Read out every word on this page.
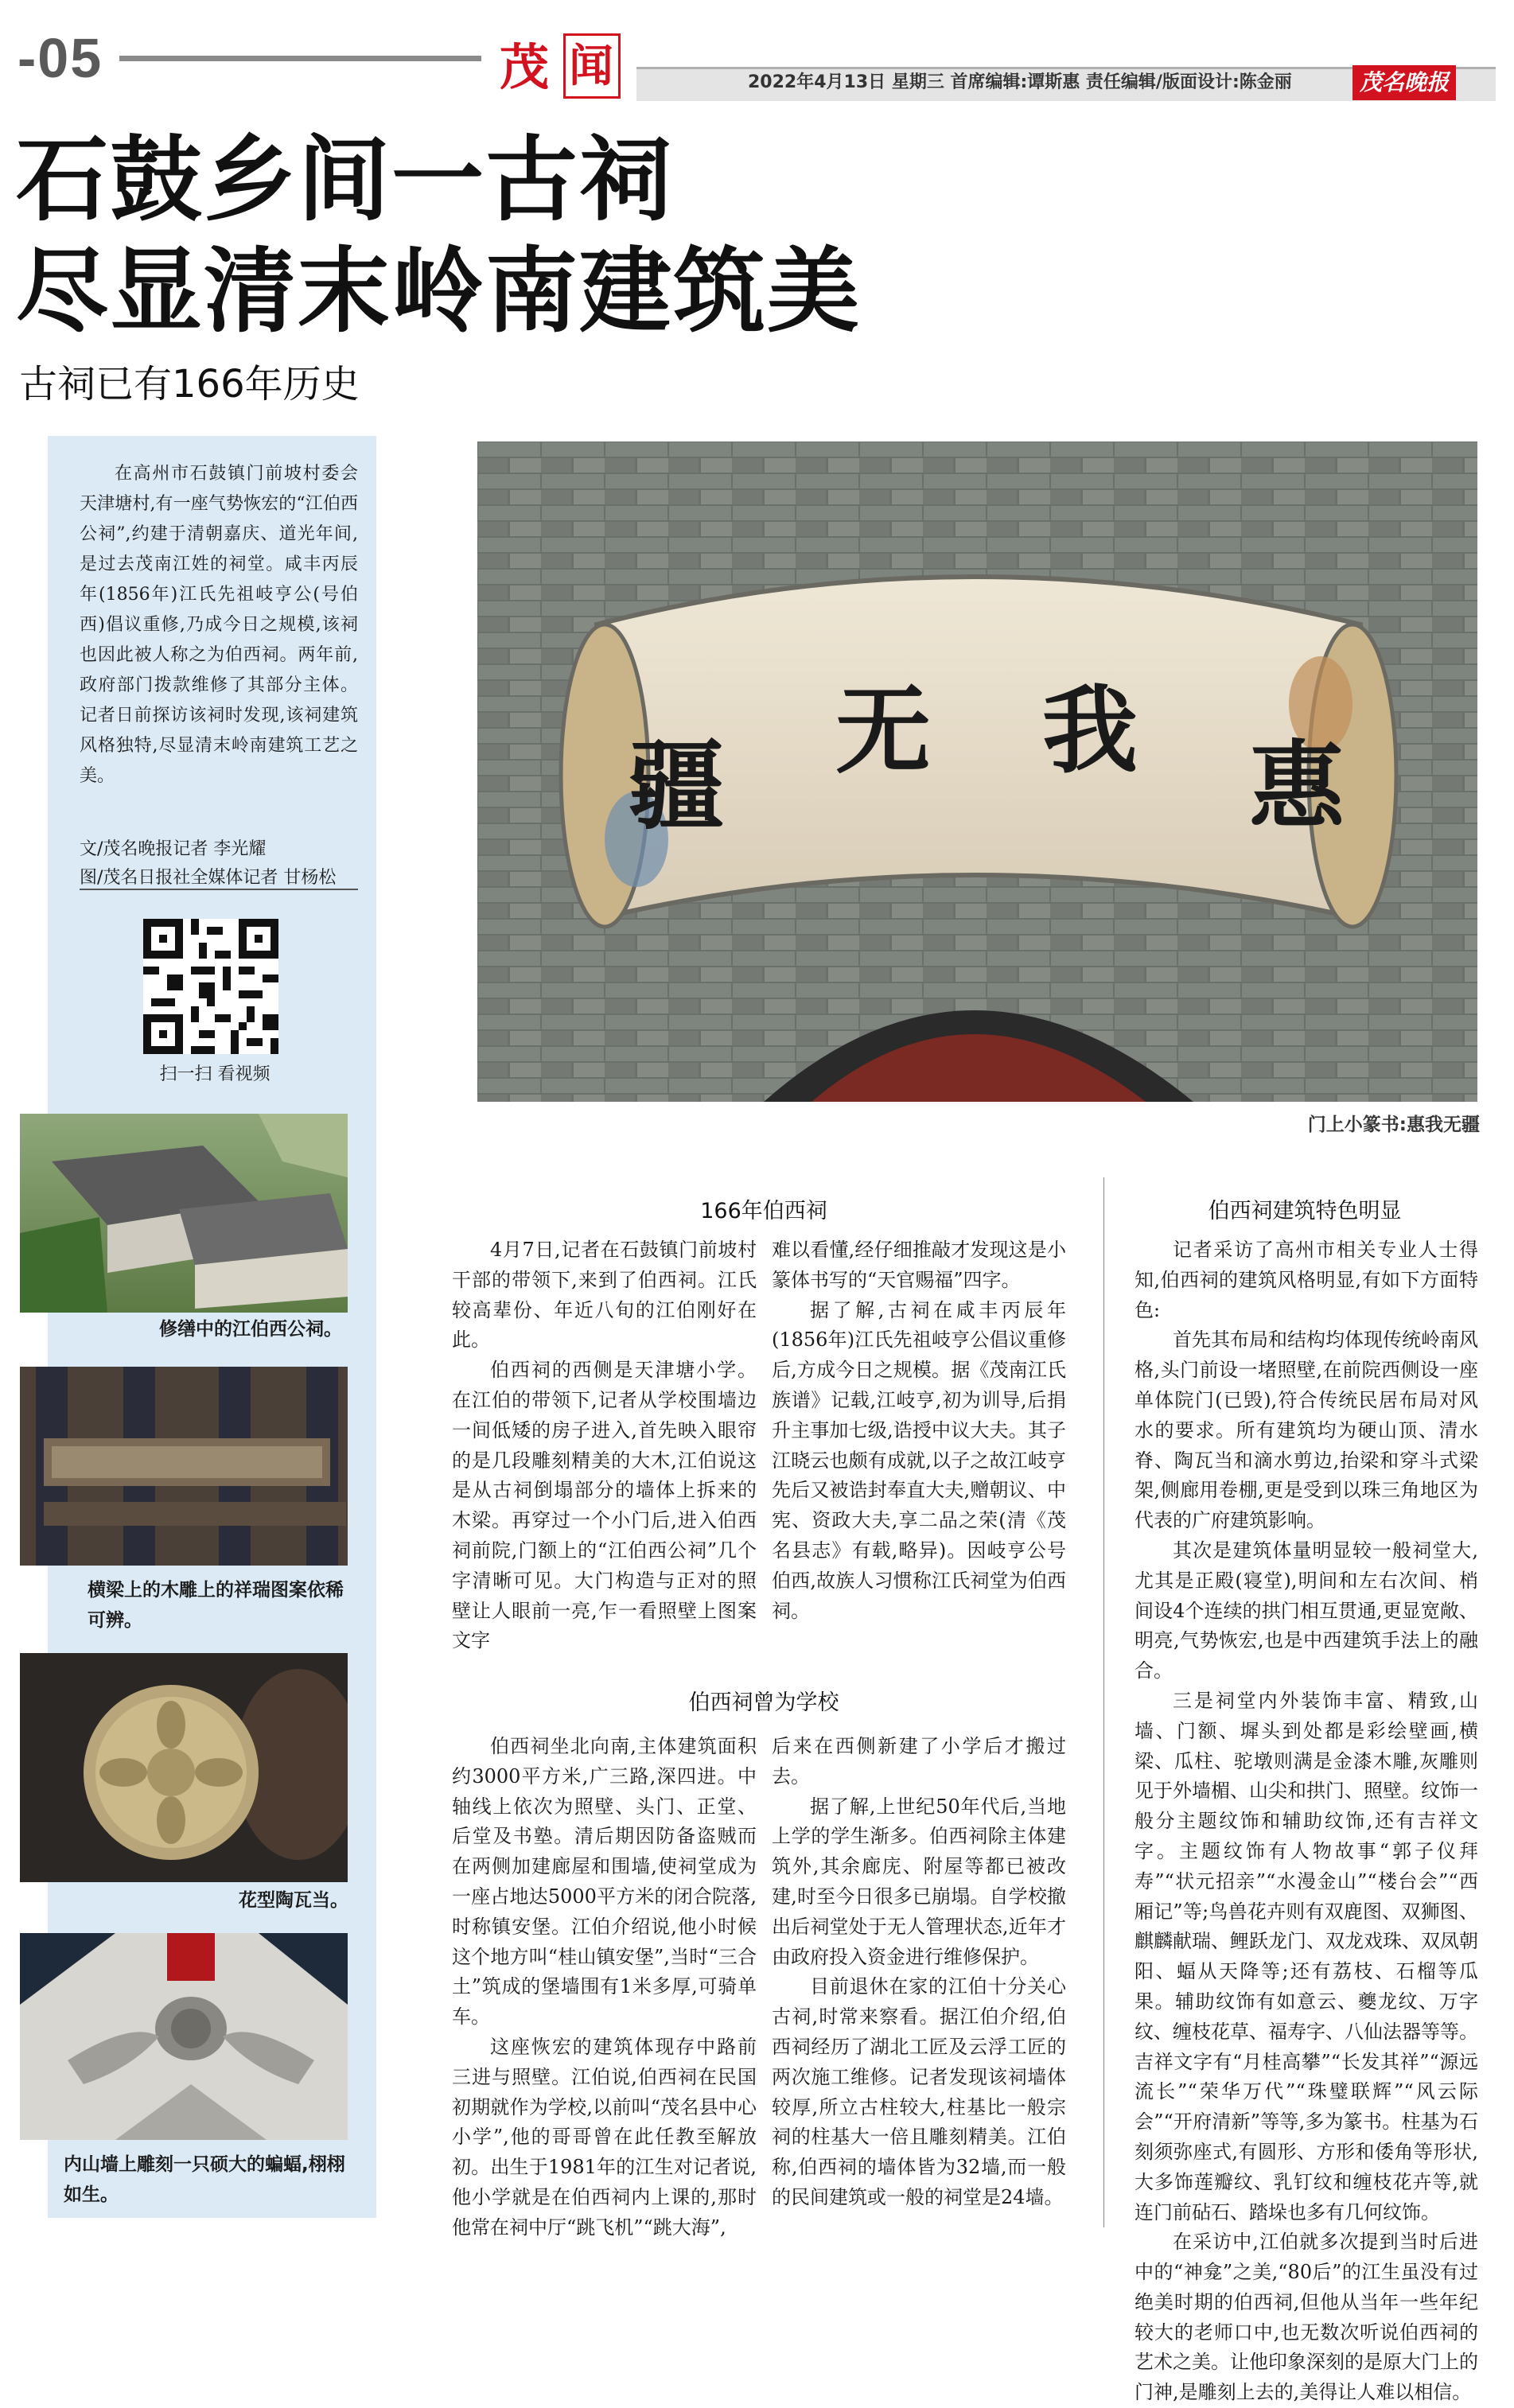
-05	茂 闻	2022年4月13日 星期三 首席编辑:谭斯惠 责任编辑/版面设计:陈金丽	茂名晚报
石鼓乡间一古祠
尽显清末岭南建筑美
古祠已有166年历史
在高州市石鼓镇门前坡村委会天津塘村,有一座气势恢宏的“江伯西公祠”,约建于清朝嘉庆、道光年间,是过去茂南江姓的祠堂。咸丰丙辰年(1856年)江氏先祖岐亨公(号伯西)倡议重修,乃成今日之规模,该祠也因此被人称之为伯西祠。两年前,政府部门拨款维修了其部分主体。记者日前探访该祠时发现,该祠建筑风格独特,尽显清末岭南建筑工艺之美。
文/茂名晚报记者 李光耀
图/茂名日报社全媒体记者 甘杨松
扫一扫 看视频
修缮中的江伯西公祠。
横梁上的木雕上的祥瑞图案依稀可辨。
花型陶瓦当。
内山墙上雕刻一只硕大的蝙蝠,栩栩如生。
惠
我
无
疆
门上小篆书:惠我无疆
166年伯西祠

4月7日,记者在石鼓镇门前坡村干部的带领下,来到了伯西祠。江氏较高辈份、年近八旬的江伯刚好在此。

伯西祠的西侧是天津塘小学。在江伯的带领下,记者从学校围墙边一间低矮的房子进入,首先映入眼帘的是几段雕刻精美的大木,江伯说这是从古祠倒塌部分的墙体上拆来的木梁。再穿过一个小门后,进入伯西祠前院,门额上的“江伯西公祠”几个字清晰可见。大门构造与正对的照壁让人眼前一亮,乍一看照壁上图案文字

难以看懂,经仔细推敲才发现这是小篆体书写的“天官赐福”四字。

据了解,古祠在咸丰丙辰年(1856年)江氏先祖岐亨公倡议重修后,方成今日之规模。据《茂南江氏族谱》记载,江岐亨,初为训导,后捐升主事加七级,诰授中议大夫。其子江晓云也颇有成就,以子之故江岐亨先后又被诰封奉直大夫,赠朝议、中宪、资政大夫,享二品之荣(清《茂名县志》有载,略异)。因岐亨公号伯西,故族人习惯称江氏祠堂为伯西祠。

伯西祠曾为学校

伯西祠坐北向南,主体建筑面积约3000平方米,广三路,深四进。中轴线上依次为照壁、头门、正堂、后堂及书塾。清后期因防备盗贼而在两侧加建廊屋和围墙,使祠堂成为一座占地达5000平方米的闭合院落,时称镇安堡。江伯介绍说,他小时候这个地方叫“桂山镇安堡”,当时“三合土”筑成的堡墙围有1米多厚,可骑单车。

这座恢宏的建筑体现存中路前三进与照壁。江伯说,伯西祠在民国初期就作为学校,以前叫“茂名县中心小学”,他的哥哥曾在此任教至解放初。出生于1981年的江生对记者说,他小学就是在伯西祠内上课的,那时他常在祠中厅“跳飞机”“跳大海”,

后来在西侧新建了小学后才搬过去。

据了解,上世纪50年代后,当地上学的学生渐多。伯西祠除主体建筑外,其余廊庑、附屋等都已被改建,时至今日很多已崩塌。自学校撤出后祠堂处于无人管理状态,近年才由政府投入资金进行维修保护。

目前退休在家的江伯十分关心古祠,时常来察看。据江伯介绍,伯西祠经历了湖北工匠及云浮工匠的两次施工维修。记者发现该祠墙体较厚,所立古柱较大,柱基比一般宗祠的柱基大一倍且雕刻精美。江伯称,伯西祠的墙体皆为32墙,而一般的民间建筑或一般的祠堂是24墙。

伯西祠建筑特色明显

记者采访了高州市相关专业人士得知,伯西祠的建筑风格明显,有如下方面特色:

首先其布局和结构均体现传统岭南风格,头门前设一堵照壁,在前院西侧设一座单体院门(已毁),符合传统民居布局对风水的要求。所有建筑均为硬山顶、清水脊、陶瓦当和滴水剪边,抬梁和穿斗式梁架,侧廊用卷棚,更是受到以珠三角地区为代表的广府建筑影响。

其次是建筑体量明显较一般祠堂大,尤其是正殿(寝堂),明间和左右次间、梢间设4个连续的拱门相互贯通,更显宽敞、明亮,气势恢宏,也是中西建筑手法上的融合。

三是祠堂内外装饰丰富、精致,山墙、门额、墀头到处都是彩绘壁画,横梁、瓜柱、驼墩则满是金漆木雕,灰雕则见于外墙楣、山尖和拱门、照壁。纹饰一般分主题纹饰和辅助纹饰,还有吉祥文字。主题纹饰有人物故事“郭子仪拜寿”“状元招亲”“水漫金山”“楼台会”“西厢记”等;鸟兽花卉则有双鹿图、双狮图、麒麟献瑞、鲤跃龙门、双龙戏珠、双凤朝阳、蝠从天降等;还有荔枝、石榴等瓜果。辅助纹饰有如意云、夔龙纹、万字纹、缠枝花草、福寿字、八仙法器等等。吉祥文字有“月桂高攀”“长发其祥”“源远流长”“荣华万代”“珠璧联辉”“风云际会”“开府清新”等等,多为篆书。柱基为石刻须弥座式,有圆形、方形和倭角等形状,大多饰莲瓣纹、乳钉纹和缠枝花卉等,就连门前砧石、踏垛也多有几何纹饰。

在采访中,江伯就多次提到当时后进中的“神龛”之美,“80后”的江生虽没有过绝美时期的伯西祠,但他从当年一些年纪较大的老师口中,也无数次听说伯西祠的艺术之美。让他印象深刻的是原大门上的门神,是雕刻上去的,美得让人难以相信。
